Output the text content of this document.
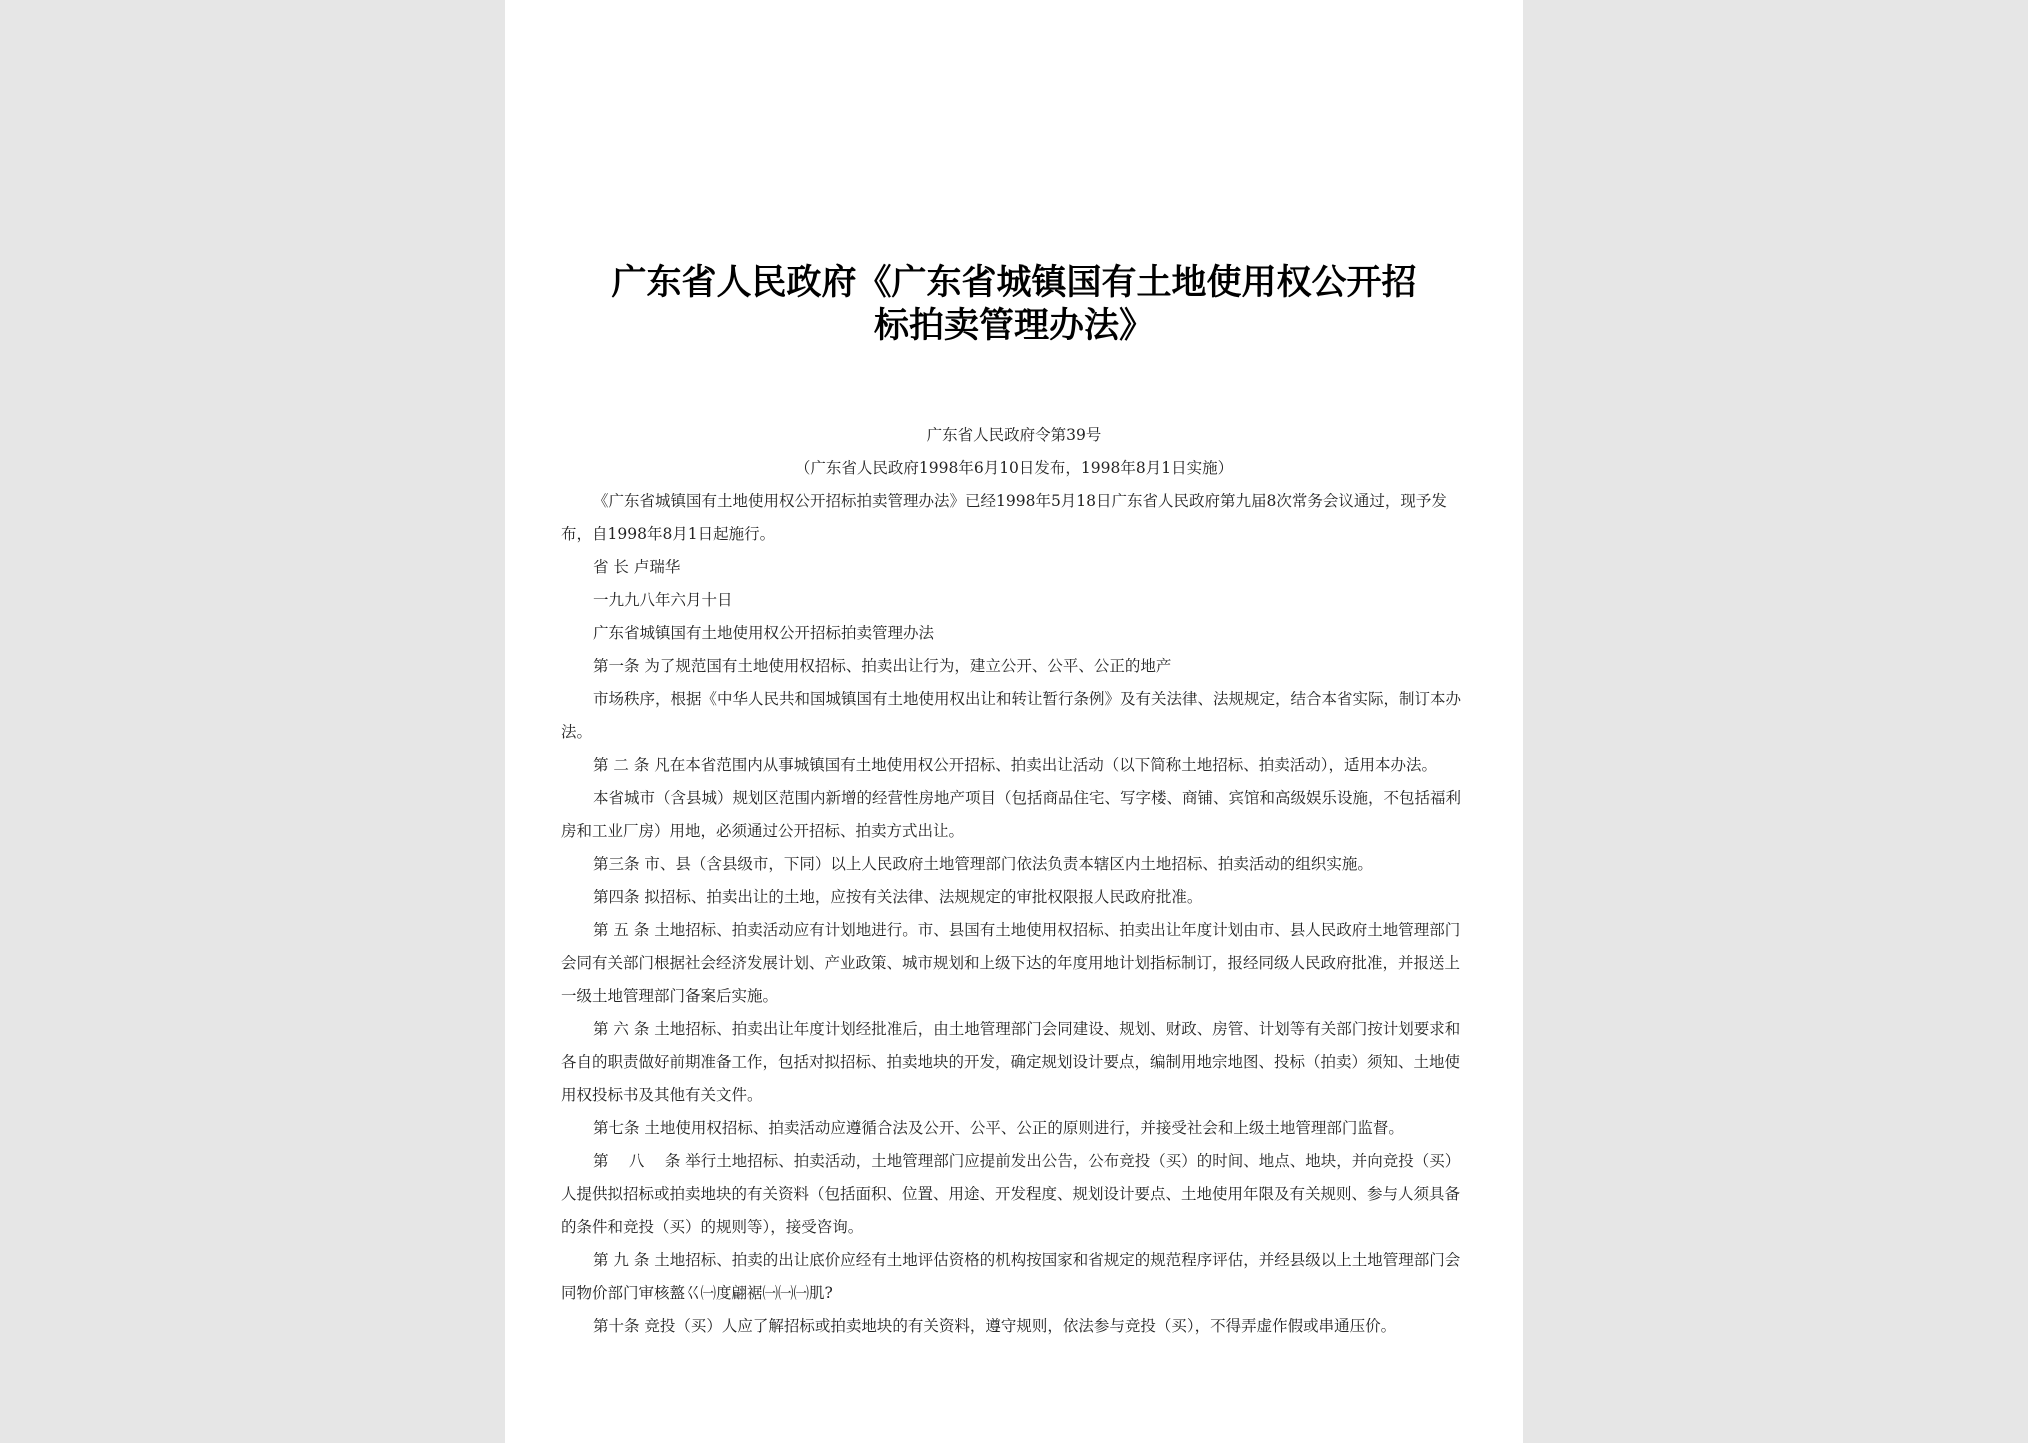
广东省人民政府《广东省城镇国有土地使用权公开招
标拍卖管理办法》

广东省人民政府令第39号

（广东省人民政府1998年6月10日发布，1998年8月1日实施）

《广东省城镇国有土地使用权公开招标拍卖管理办法》已经1998年5月18日广东省人民政府第九届8次常务会议通过，现予发布，自1998年8月1日起施行。

省 长 卢瑞华

一九九八年六月十日

广东省城镇国有土地使用权公开招标拍卖管理办法

第一条 为了规范国有土地使用权招标、拍卖出让行为，建立公开、公平、公正的地产

市场秩序，根据《中华人民共和国城镇国有土地使用权出让和转让暂行条例》及有关法律、法规规定，结合本省实际，制订本办法。

第 二 条 凡在本省范围内从事城镇国有土地使用权公开招标、拍卖出让活动（以下简称土地招标、拍卖活动），适用本办法。

本省城市（含县城）规划区范围内新增的经营性房地产项目（包括商品住宅、写字楼、商铺、宾馆和高级娱乐设施，不包括福利房和工业厂房）用地，必须通过公开招标、拍卖方式出让。

第三条 市、县（含县级市，下同）以上人民政府土地管理部门依法负责本辖区内土地招标、拍卖活动的组织实施。

第四条 拟招标、拍卖出让的土地，应按有关法律、法规规定的审批权限报人民政府批准。

第 五 条 土地招标、拍卖活动应有计划地进行。市、县国有土地使用权招标、拍卖出让年度计划由市、县人民政府土地管理部门会同有关部门根据社会经济发展计划、产业政策、城市规划和上级下达的年度用地计划指标制订，报经同级人民政府批准，并报送上一级土地管理部门备案后实施。

第 六 条 土地招标、拍卖出让年度计划经批准后，由土地管理部门会同建设、规划、财政、房管、计划等有关部门按计划要求和各自的职责做好前期准备工作，包括对拟招标、拍卖地块的开发，确定规划设计要点，编制用地宗地图、投标（拍卖）须知、土地使用权投标书及其他有关文件。

第七条 土地使用权招标、拍卖活动应遵循合法及公开、公平、公正的原则进行，并接受社会和上级土地管理部门监督。

第　 八　 条 举行土地招标、拍卖活动，土地管理部门应提前发出公告，公布竞投（买）的时间、地点、地块，并向竞投（买）人提供拟招标或拍卖地块的有关资料（包括面积、位置、用途、开发程度、规划设计要点、土地使用年限及有关规则、参与人须具备的条件和竞投（买）的规则等），接受咨询。

第 九 条 土地招标、拍卖的出让底价应经有土地评估资格的机构按国家和省规定的规范程序评估，并经县级以上土地管理部门会同物价部门审核盩巜㈠度翩裾㈠㈠㈠肌?

第十条 竞投（买）人应了解招标或拍卖地块的有关资料，遵守规则，依法参与竞投（买），不得弄虚作假或串通压价。
